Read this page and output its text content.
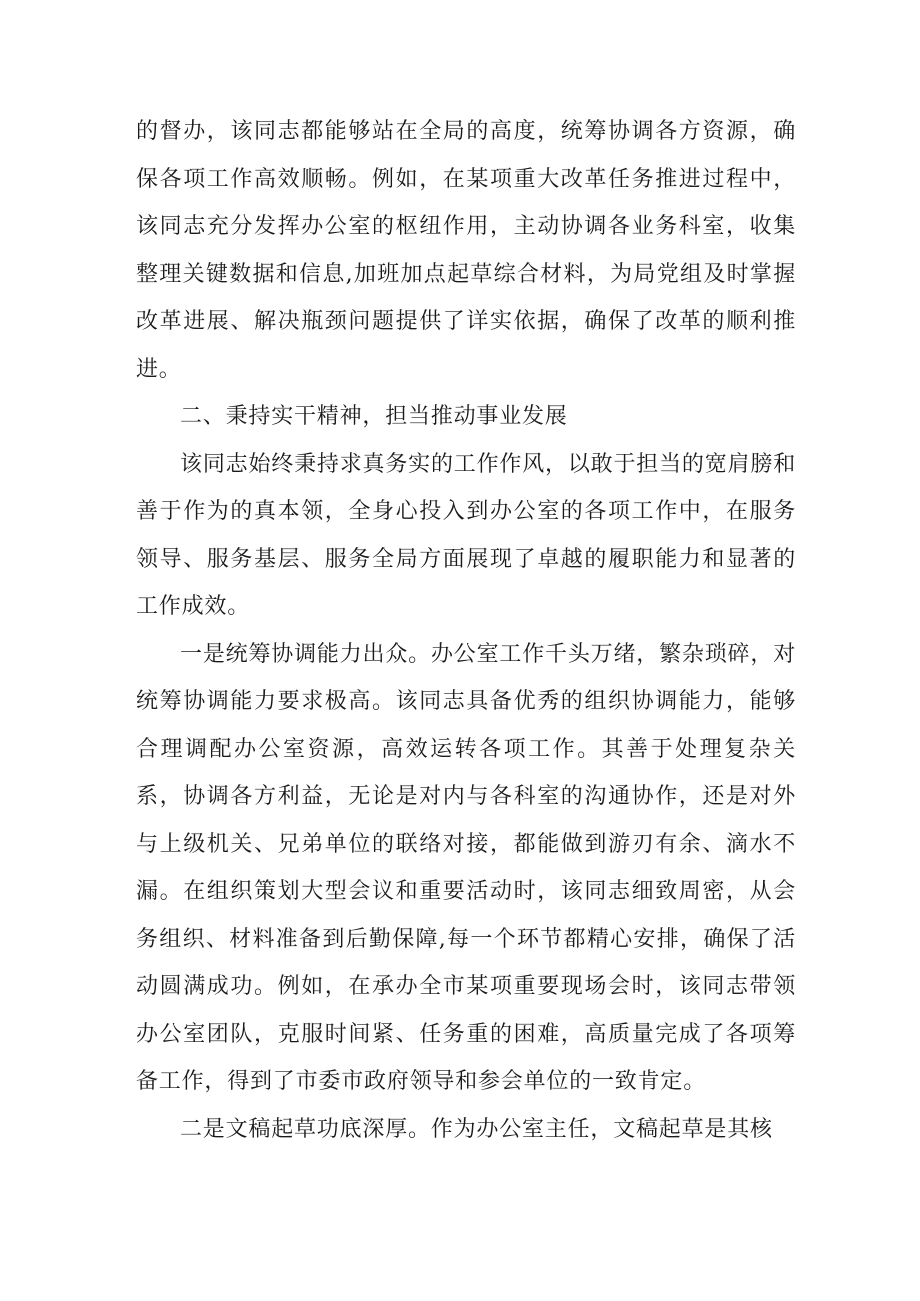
的督办，该同志都能够站在全局的高度，统筹协调各方资源，确保各项工作高效顺畅。例如，在某项重大改革任务推进过程中，该同志充分发挥办公室的枢纽作用，主动协调各业务科室，收集整理关键数据和信息,加班加点起草综合材料，为局党组及时掌握改革进展、解决瓶颈问题提供了详实依据，确保了改革的顺利推进。

二、秉持实干精神，担当推动事业发展

该同志始终秉持求真务实的工作作风，以敢于担当的宽肩膀和善于作为的真本领，全身心投入到办公室的各项工作中，在服务领导、服务基层、服务全局方面展现了卓越的履职能力和显著的工作成效。

一是统筹协调能力出众。办公室工作千头万绪，繁杂琐碎，对统筹协调能力要求极高。该同志具备优秀的组织协调能力，能够合理调配办公室资源，高效运转各项工作。其善于处理复杂关系，协调各方利益，无论是对内与各科室的沟通协作，还是对外与上级机关、兄弟单位的联络对接，都能做到游刃有余、滴水不漏。在组织策划大型会议和重要活动时，该同志细致周密，从会务组织、材料准备到后勤保障,每一个环节都精心安排，确保了活动圆满成功。例如，在承办全市某项重要现场会时，该同志带领办公室团队，克服时间紧、任务重的困难，高质量完成了各项筹备工作，得到了市委市政府领导和参会单位的一致肯定。

二是文稿起草功底深厚。作为办公室主任，文稿起草是其核
